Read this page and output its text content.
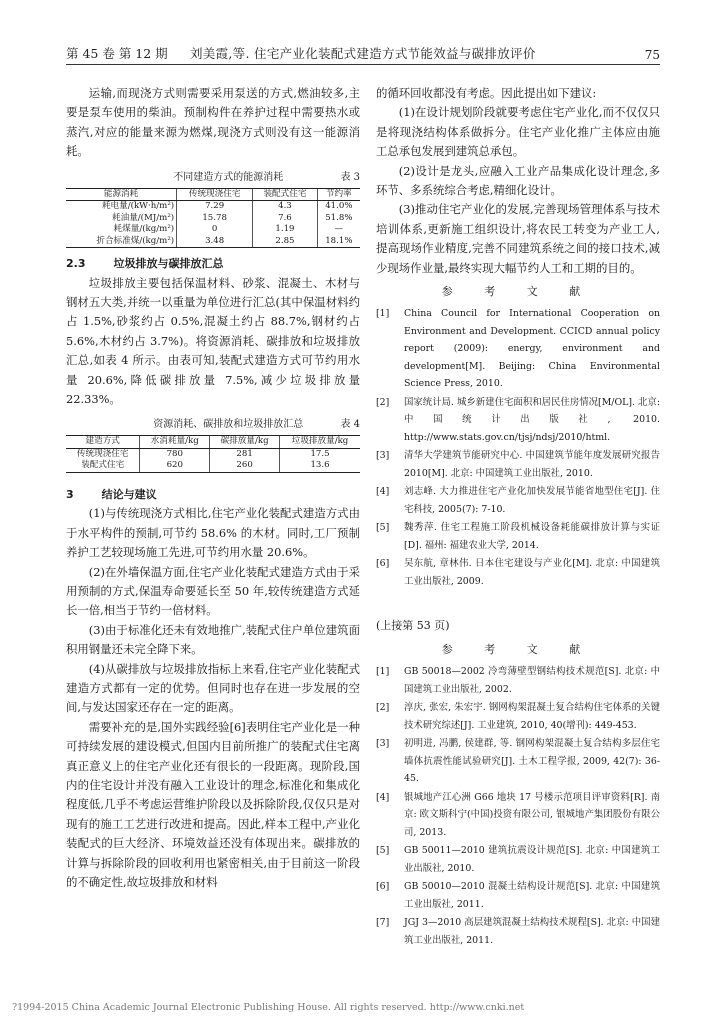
第 45 卷 第 12 期 刘美霞,等. 住宅产业化装配式建造方式节能效益与碳排放评价	75

运输,而现浇方式则需要采用泵送的方式,燃油较多,主要是泵车使用的柴油。预制构件在养护过程中需要热水或蒸汽,对应的能量来源为燃煤,现浇方式则没有这一能源消耗。

不同建造方式的能源消耗	表 3
能源消耗	传统现浇住宅	装配式住宅	节约率
耗电量/(kW·h/m²)	7.29	4.3	41.0%
耗油量/(MJ/m²)	15.78	7.6	51.8%
耗煤量/(kg/m²)	0	1.19	—
折合标准煤/(kg/m²)	3.48	2.85	18.1%
2.3	垃圾排放与碳排放汇总

垃圾排放主要包括保温材料、砂浆、混凝土、木材与钢材五大类,并统一以重量为单位进行汇总(其中保温材料约占 1.5%,砂浆约占 0.5%,混凝土约占 88.7%,钢材约占 5.6%,木材约占 3.7%)。将资源消耗、碳排放和垃圾排放汇总,如表 4 所示。由表可知,装配式建造方式可节约用水量 20.6%,降低碳排放量 7.5%,减少垃圾排放量 22.33%。

资源消耗、碳排放和垃圾排放汇总	表 4
建造方式	水消耗量/kg	碳排放量/kg	垃圾排放量/kg
传统现浇住宅	780	281	17.5
装配式住宅	620	260	13.6
3	结论与建议

(1)与传统现浇方式相比,住宅产业化装配式建造方式由于水平构件的预制,可节约 58.6% 的木材。同时,工厂预制养护工艺较现场施工先进,可节约用水量 20.6%。

(2)在外墙保温方面,住宅产业化装配式建造方式由于采用预制的方式,保温寿命要延长至 50 年,较传统建造方式延长一倍,相当于节约一倍材料。

(3)由于标准化还未有效地推广,装配式住户单位建筑面积用钢量还未完全降下来。

(4)从碳排放与垃圾排放指标上来看,住宅产业化装配式建造方式都有一定的优势。但同时也存在进一步发展的空间,与发达国家还存在一定的距离。

需要补充的是,国外实践经验[6]表明住宅产业化是一种可持续发展的建设模式,但国内目前所推广的装配式住宅离真正意义上的住宅产业化还有很长的一段距离。现阶段,国内的住宅设计并没有融入工业设计的理念,标准化和集成化程度低,几乎不考虑运营维护阶段以及拆除阶段,仅仅只是对现有的施工工艺进行改进和提高。因此,样本工程中,产业化装配式的巨大经济、环境效益还没有体现出来。碳排放的计算与拆除阶段的回收利用也紧密相关,由于目前这一阶段的不确定性,故垃圾排放和材料

的循环回收都没有考虑。因此提出如下建议:

(1)在设计规划阶段就要考虑住宅产业化,而不仅仅只是将现浇结构体系做拆分。住宅产业化推广主体应由施工总承包发展到建筑总承包。

(2)设计是龙头,应融入工业产品集成化设计理念,多环节、多系统综合考虑,精细化设计。

(3)推动住宅产业化的发展,完善现场管理体系与技术培训体系,更新施工组织设计,将农民工转变为产业工人,提高现场作业精度,完善不同建筑系统之间的接口技术,减少现场作业量,最终实现大幅节约人工和工期的目的。

参 考 文 献
[1]	China Council for International Cooperation on Environment and Development. CCICD annual policy report (2009): energy, environment and development[M]. Beijing: China Environmental Science Press, 2010.
[2]	国家统计局. 城乡新建住宅面积和居民住房情况[M/OL]. 北京: 中国统计出版社, 2010. http://www.stats.gov.cn/tjsj/ndsj/2010/html.
[3]	清华大学建筑节能研究中心. 中国建筑节能年度发展研究报告 2010[M]. 北京: 中国建筑工业出版社, 2010.
[4]	刘志峰. 大力推进住宅产业化加快发展节能省地型住宅[J]. 住宅科技, 2005(7): 7-10.
[5]	魏秀萍. 住宅工程施工阶段机械设备耗能碳排放计算与实证[D]. 福州: 福建农业大学, 2014.
[6]	吴东航, 章林伟. 日本住宅建设与产业化[M]. 北京: 中国建筑工业出版社, 2009.
(上接第 53 页)
参 考 文 献
[1]	GB 50018—2002 冷弯薄壁型钢结构技术规范[S]. 北京: 中国建筑工业出版社, 2002.
[2]	淳庆, 张宏, 朱宏宇. 钢网构架混凝土复合结构住宅体系的关键技术研究综述[J]. 工业建筑, 2010, 40(增刊): 449-453.
[3]	初明进, 冯鹏, 侯建群, 等. 钢网构架混凝土复合结构多层住宅墙体抗震性能试验研究[J]. 土木工程学报, 2009, 42(7): 36-45.
[4]	银城地产江心洲 G66 地块 17 号楼示范项目评审资料[R]. 南京: 欧文斯科宁(中国)投资有限公司, 银城地产集团股份有限公司, 2013.
[5]	GB 50011—2010 建筑抗震设计规范[S]. 北京: 中国建筑工业出版社, 2010.
[6]	GB 50010—2010 混凝土结构设计规范[S]. 北京: 中国建筑工业出版社, 2011.
[7]	JGJ 3—2010 高层建筑混凝土结构技术规程[S]. 北京: 中国建筑工业出版社, 2011.
?1994-2015 China Academic Journal Electronic Publishing House. All rights reserved. http://www.cnki.net
